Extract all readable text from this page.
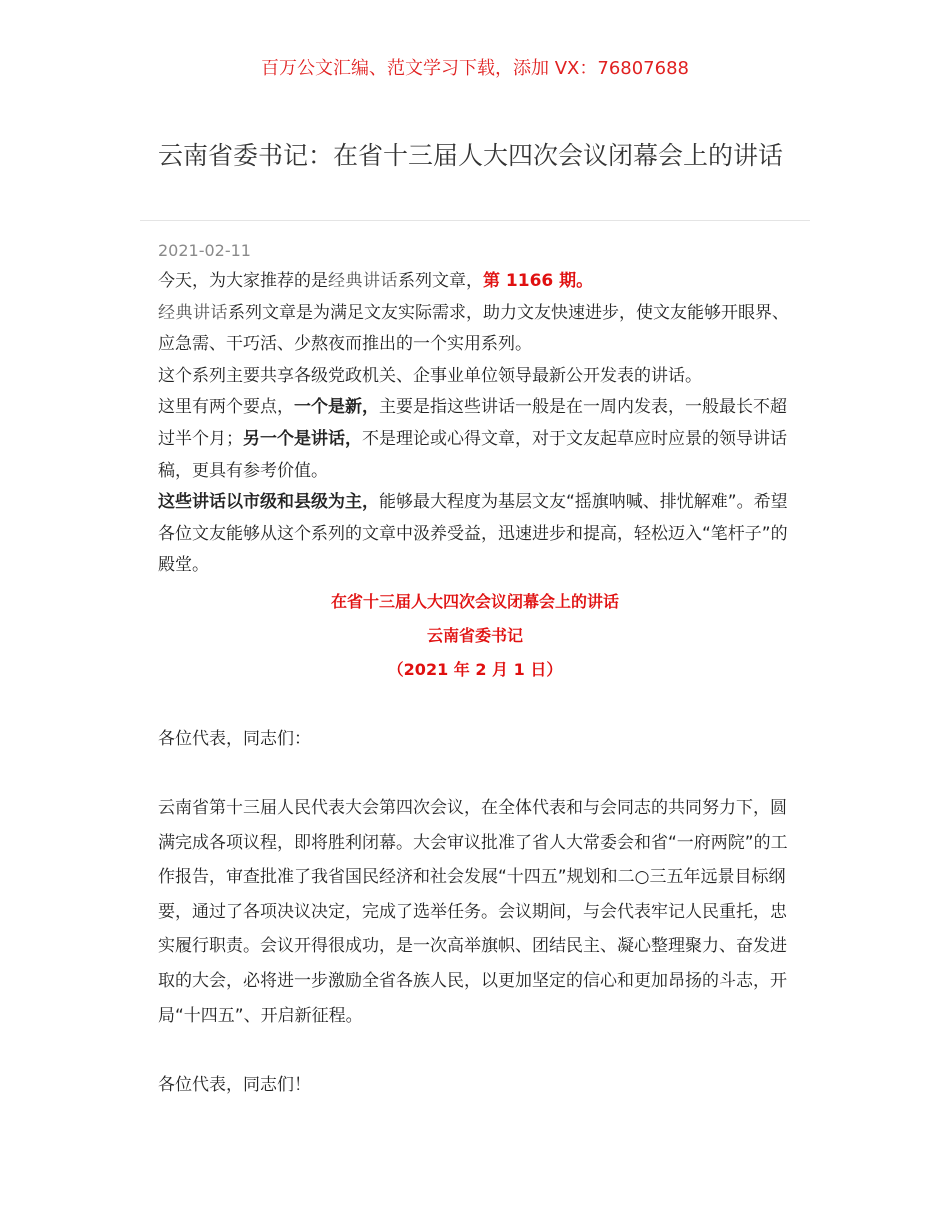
百万公文汇编、范文学习下载，添加 VX：76807688
云南省委书记：在省十三届人大四次会议闭幕会上的讲话
2021-02-11

今天，为大家推荐的是经典讲话系列文章，第 1166 期。

经典讲话系列文章是为满足文友实际需求，助力文友快速进步，使文友能够开眼界、应急需、干巧活、少熬夜而推出的一个实用系列。

这个系列主要共享各级党政机关、企事业单位领导最新公开发表的讲话。

这里有两个要点，一个是新，主要是指这些讲话一般是在一周内发表，一般最长不超过半个月；另一个是讲话，不是理论或心得文章，对于文友起草应时应景的领导讲话稿，更具有参考价值。

这些讲话以市级和县级为主，能够最大程度为基层文友“摇旗呐喊、排忧解难”。希望各位文友能够从这个系列的文章中汲养受益，迅速进步和提高，轻松迈入“笔杆子”的殿堂。

在省十三届人大四次会议闭幕会上的讲话
云南省委书记
（2021 年 2 月 1 日）
各位代表，同志们：
云南省第十三届人民代表大会第四次会议，在全体代表和与会同志的共同努力下，圆满完成各项议程，即将胜利闭幕。大会审议批准了省人大常委会和省“一府两院”的工作报告，审查批准了我省国民经济和社会发展“十四五”规划和二○三五年远景目标纲要，通过了各项决议决定，完成了选举任务。会议期间，与会代表牢记人民重托，忠实履行职责。会议开得很成功，是一次高举旗帜、团结民主、凝心整理聚力、奋发进取的大会，必将进一步激励全省各族人民，以更加坚定的信心和更加昂扬的斗志，开局“十四五”、开启新征程。
各位代表，同志们！
